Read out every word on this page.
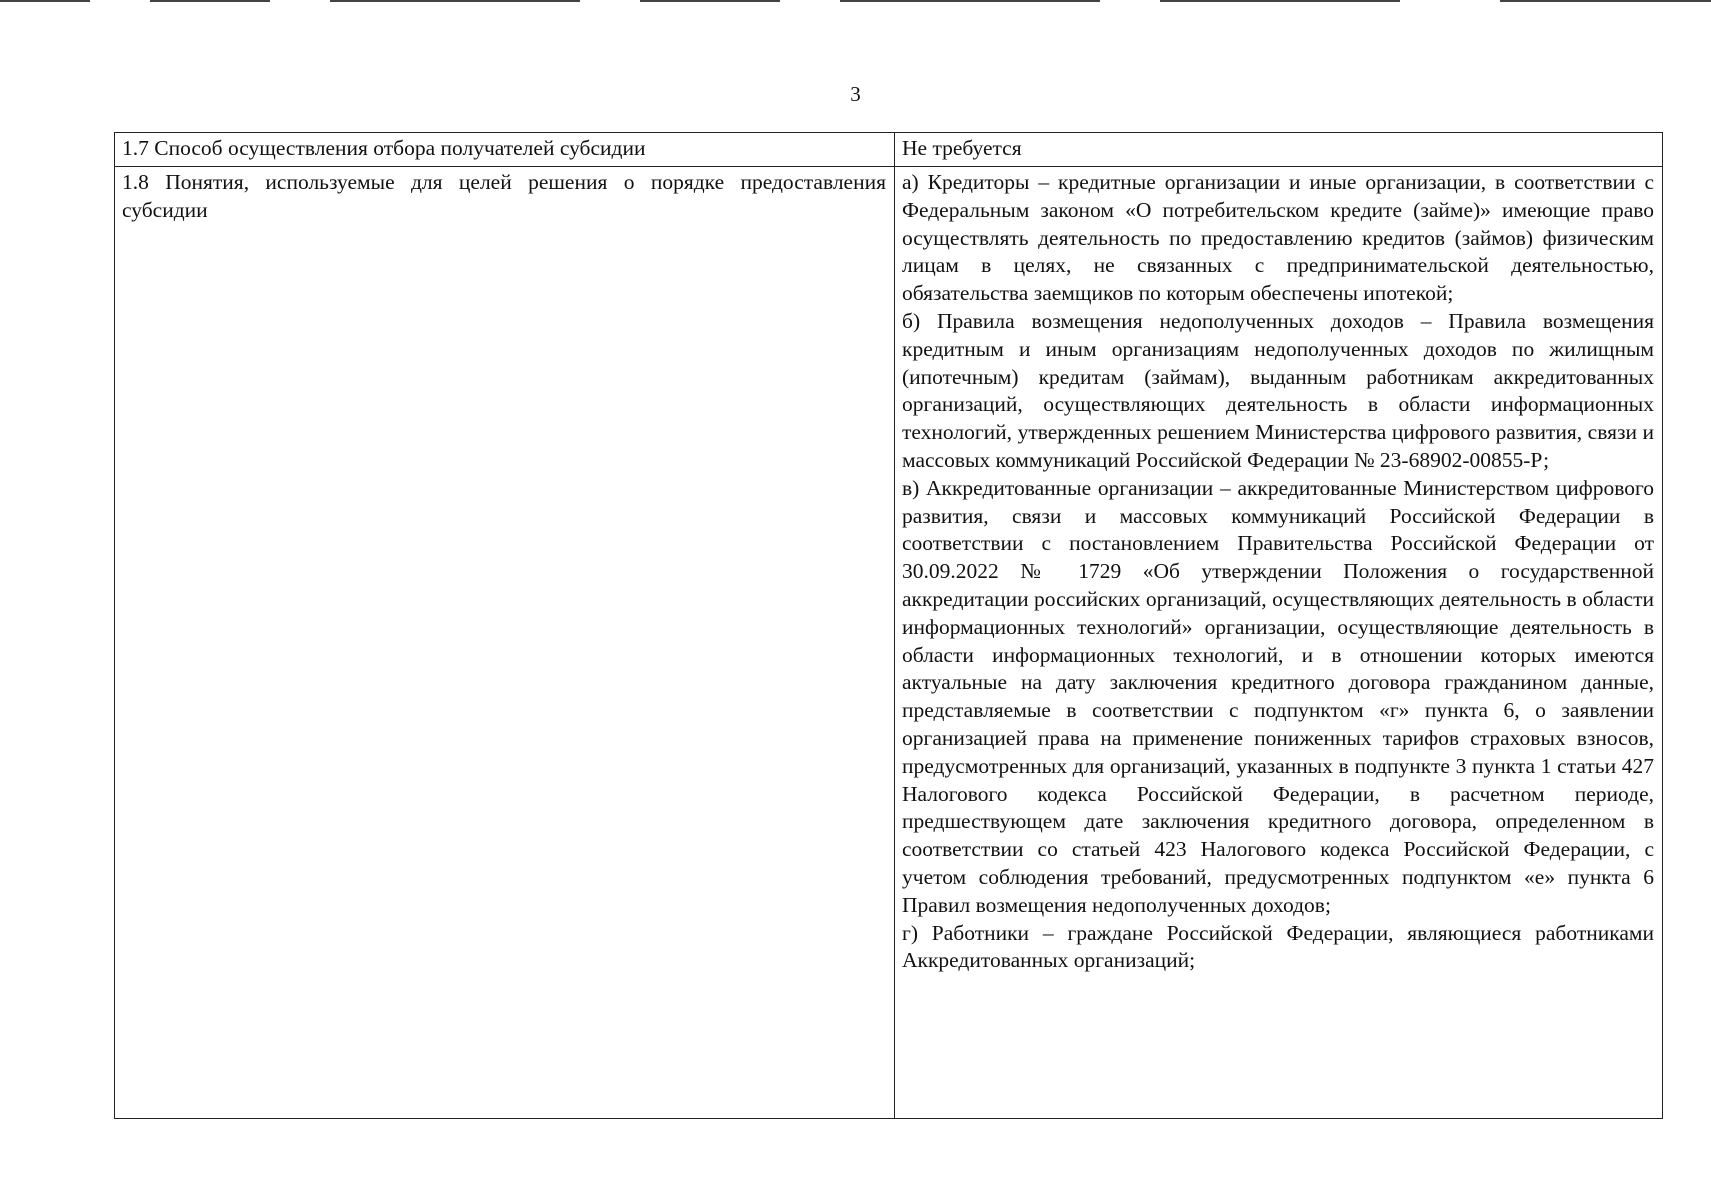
3
1.7 Способ осуществления отбора получателей субсидии	Не требуется
1.8 Понятия, используемые для целей решения о порядке предоставления субсидии	а) Кредиторы – кредитные организации и иные организации, в соответствии с Федеральным законом «О потребительском кредите (займе)» имеющие право осуществлять деятельность по предоставлению кредитов (займов) физическим лицам в целях, не связанных с предпринимательской деятельностью, обязательства заемщиков по которым обеспечены ипотекой;

б) Правила возмещения недополученных доходов – Правила возмещения кредитным и иным организациям недополученных доходов по жилищным (ипотечным) кредитам (займам), выданным работникам аккредитованных организаций, осуществляющих деятельность в области информационных технологий, утвержденных решением Министерства цифрового развития, связи и массовых коммуникаций Российской Федерации № 23-68902-00855-Р;

в) Аккредитованные организации – аккредитованные Министерством цифрового развития, связи и массовых коммуникаций Российской Федерации в соответствии с постановлением Правительства Российской Федерации от 30.09.2022 № 1729 «Об утверждении Положения о государственной аккредитации российских организаций, осуществляющих деятельность в области информационных технологий» организации, осуществляющие деятельность в области информационных технологий, и в отношении которых имеются актуальные на дату заключения кредитного договора гражданином данные, представляемые в соответствии с подпунктом «г» пункта 6, о заявлении организацией права на применение пониженных тарифов страховых взносов, предусмотренных для организаций, указанных в подпункте 3 пункта 1 статьи 427 Налогового кодекса Российской Федерации, в расчетном периоде, предшествующем дате заключения кредитного договора, определенном в соответствии со статьей 423 Налогового кодекса Российской Федерации, с учетом соблюдения требований, предусмотренных подпунктом «е» пункта 6 Правил возмещения недополученных доходов;

г) Работники – граждане Российской Федерации, являющиеся работниками Аккредитованных организаций;
